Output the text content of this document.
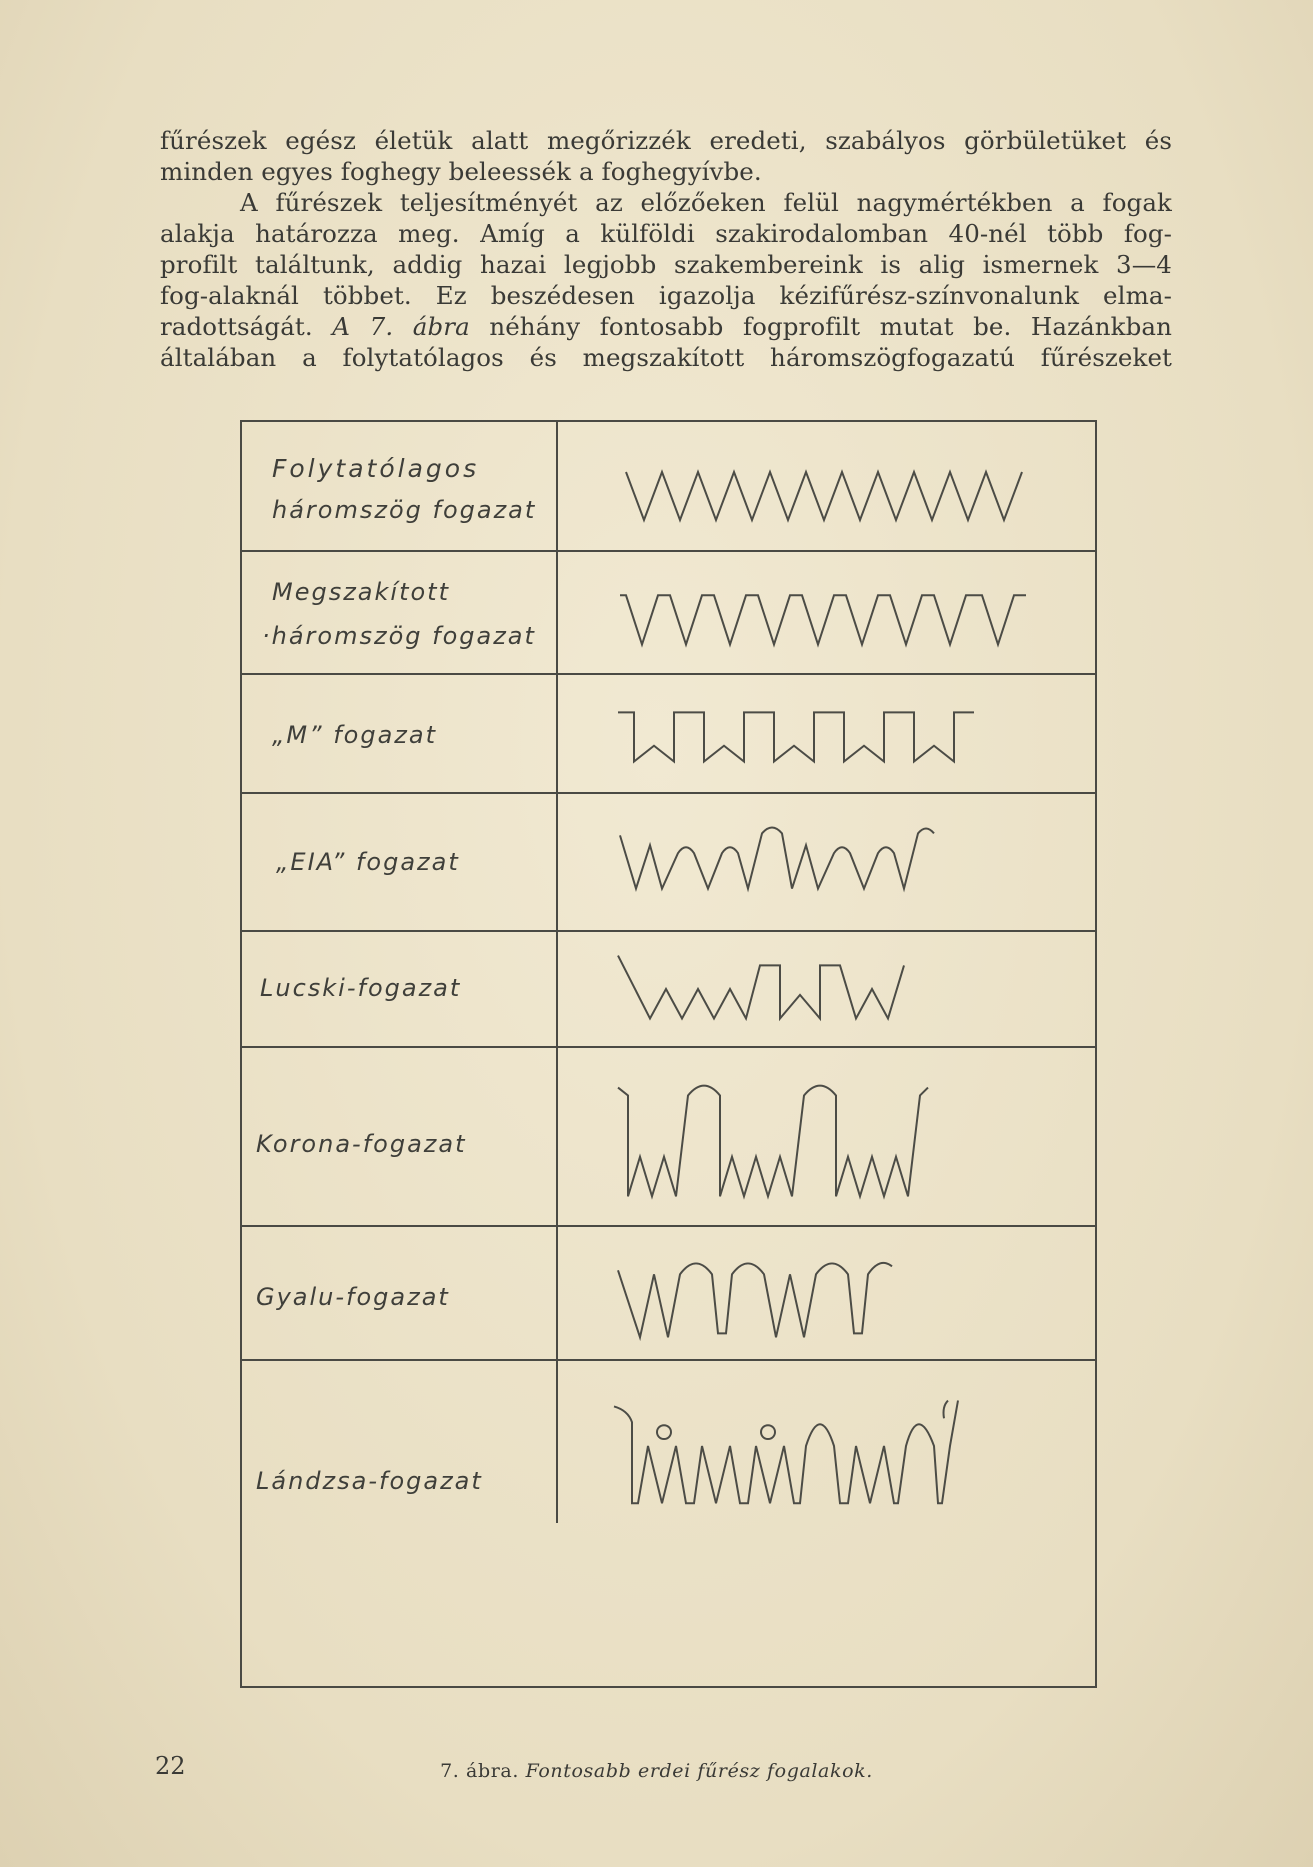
fűrészek egész életük alatt megőrizzék eredeti, szabályos görbületüket és
minden egyes foghegy beleessék a foghegyívbe.

A fűrészek teljesítményét az előzőeken felül nagymértékben a fogak
alakja határozza meg. Amíg a külföldi szakirodalomban 40-nél több fog-
profilt találtunk, addig hazai legjobb szakembereink is alig ismernek 3—4
fog-alaknál többet. Ez beszédesen igazolja kézifűrész-színvonalunk elma-
radottságát. A 7. ábra néhány fontosabb fogprofilt mutat be. Hazánkban
általában a folytatólagos és megszakított háromszögfogazatú fűrészeket

Folytatólagos
háromszög fogazat
Megszakított
·háromszög fogazat
„M” fogazat
„EIA” fogazat
Lucski-fogazat
Korona-fogazat
Gyalu-fogazat
Lándzsa-fogazat
7. ábra. Fontosabb erdei fűrész fogalakok.
22
